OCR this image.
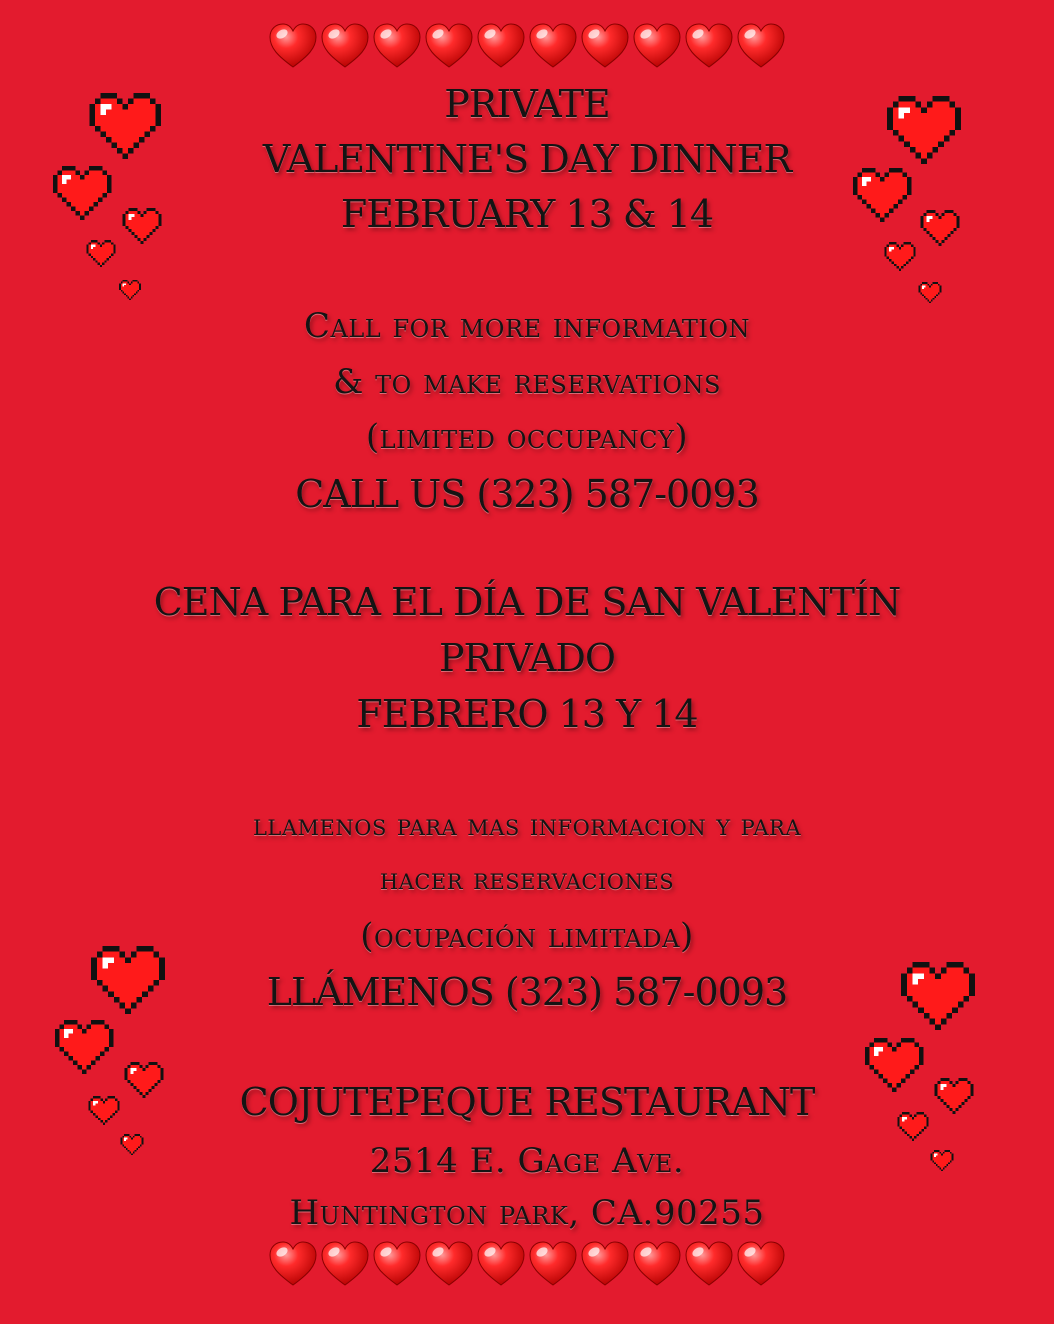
PRIVATE
VALENTINE'S DAY DINNER
FEBRUARY 13 & 14
Call for more information
& to make reservations
(limited occupancy)
CALL US (323) 587-0093
CENA PARA EL DÍA DE SAN VALENTÍN
PRIVADO
FEBRERO 13 Y 14
llamenos para mas informacion y para
hacer reservaciones
(ocupación limitada)
LLÁMENOS (323) 587-0093
COJUTEPEQUE RESTAURANT
2514 E. Gage Ave.
Huntington park, CA.90255
